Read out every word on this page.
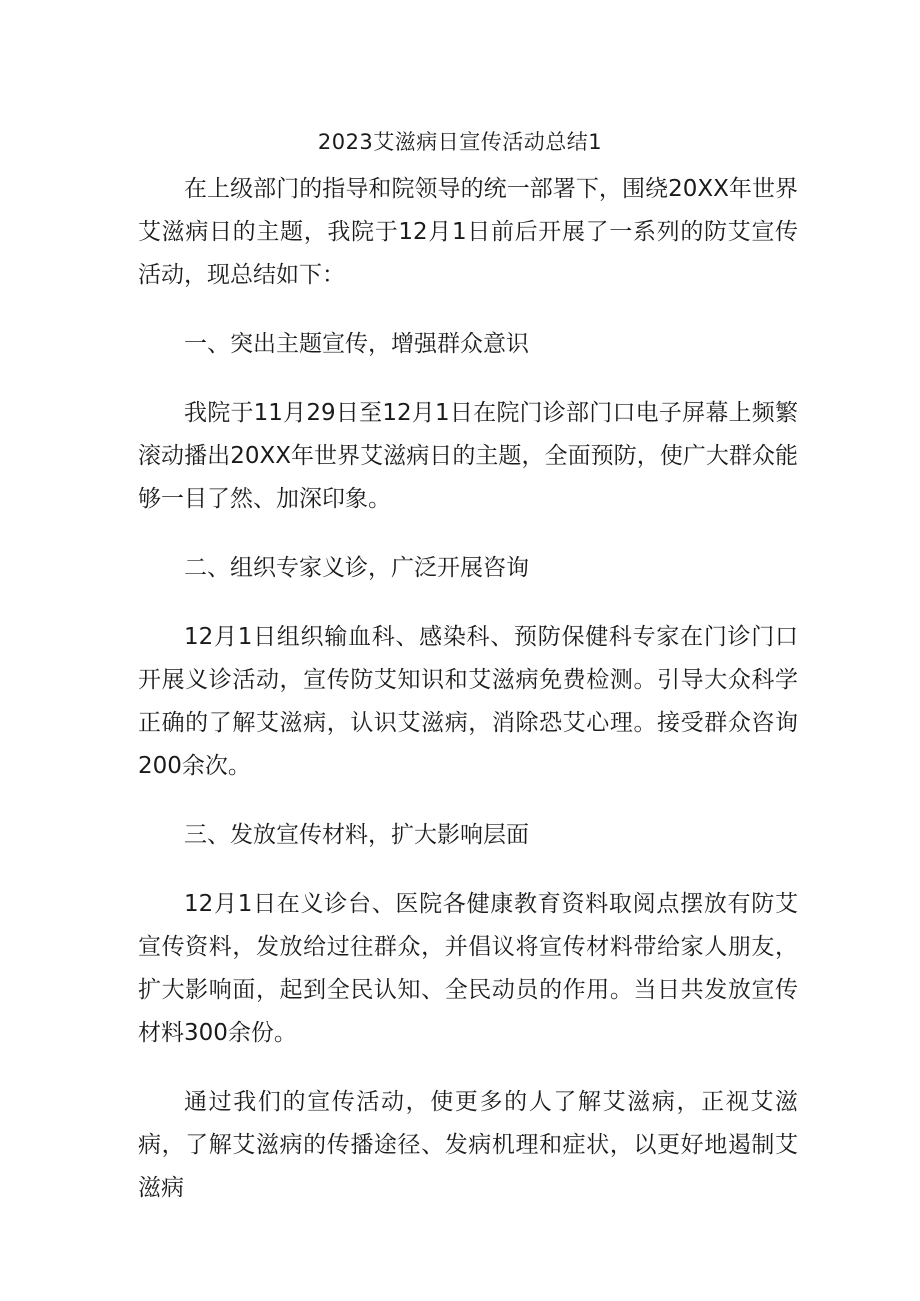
2023艾滋病日宣传活动总结1

在上级部门的指导和院领导的统一部署下，围绕20XX年世界艾滋病日的主题，我院于12月1日前后开展了一系列的防艾宣传活动，现总结如下：

一、突出主题宣传，增强群众意识

我院于11月29日至12月1日在院门诊部门口电子屏幕上频繁滚动播出20XX年世界艾滋病日的主题，全面预防，使广大群众能够一目了然、加深印象。

二、组织专家义诊，广泛开展咨询

12月1日组织输血科、感染科、预防保健科专家在门诊门口开展义诊活动，宣传防艾知识和艾滋病免费检测。引导大众科学正确的了解艾滋病，认识艾滋病，消除恐艾心理。接受群众咨询200余次。

三、发放宣传材料，扩大影响层面

12月1日在义诊台、医院各健康教育资料取阅点摆放有防艾宣传资料，发放给过往群众，并倡议将宣传材料带给家人朋友，扩大影响面，起到全民认知、全民动员的作用。当日共发放宣传材料300余份。

通过我们的宣传活动，使更多的人了解艾滋病，正视艾滋病，了解艾滋病的传播途径、发病机理和症状，以更好地遏制艾滋病
